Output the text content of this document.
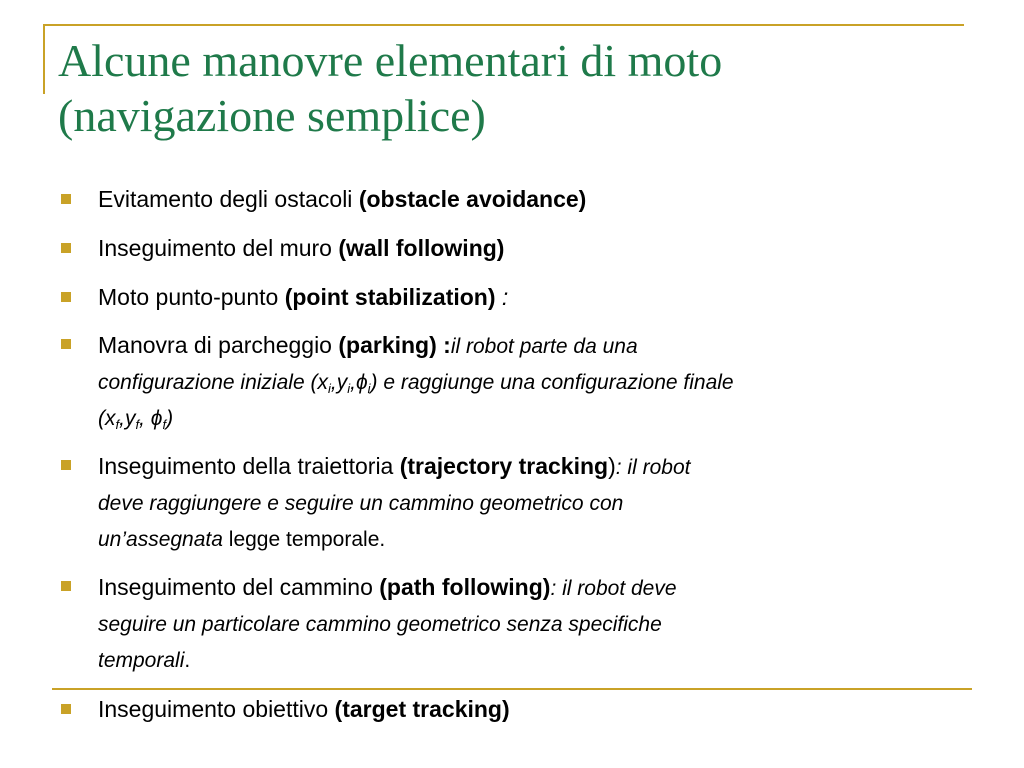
Alcune manovre elementari di moto
(navigazione semplice)
Evitamento degli ostacoli (obstacle avoidance)
Inseguimento del muro (wall following)
Moto punto-punto (point stabilization) :
Manovra di parcheggio (parking) :il robot parte da una
configurazione iniziale $(x_i,y_i,\phi_i)$ e raggiunge una configurazione finale
($x_f,y_f$, $\phi_f$)
Inseguimento della traiettoria (trajectory tracking): il robot
deve raggiungere e seguire un cammino geometrico con
un’assegnata legge temporale.
Inseguimento del cammino (path following): il robot deve
seguire un particolare cammino geometrico senza specifiche
temporali.
Inseguimento obiettivo (target tracking)
